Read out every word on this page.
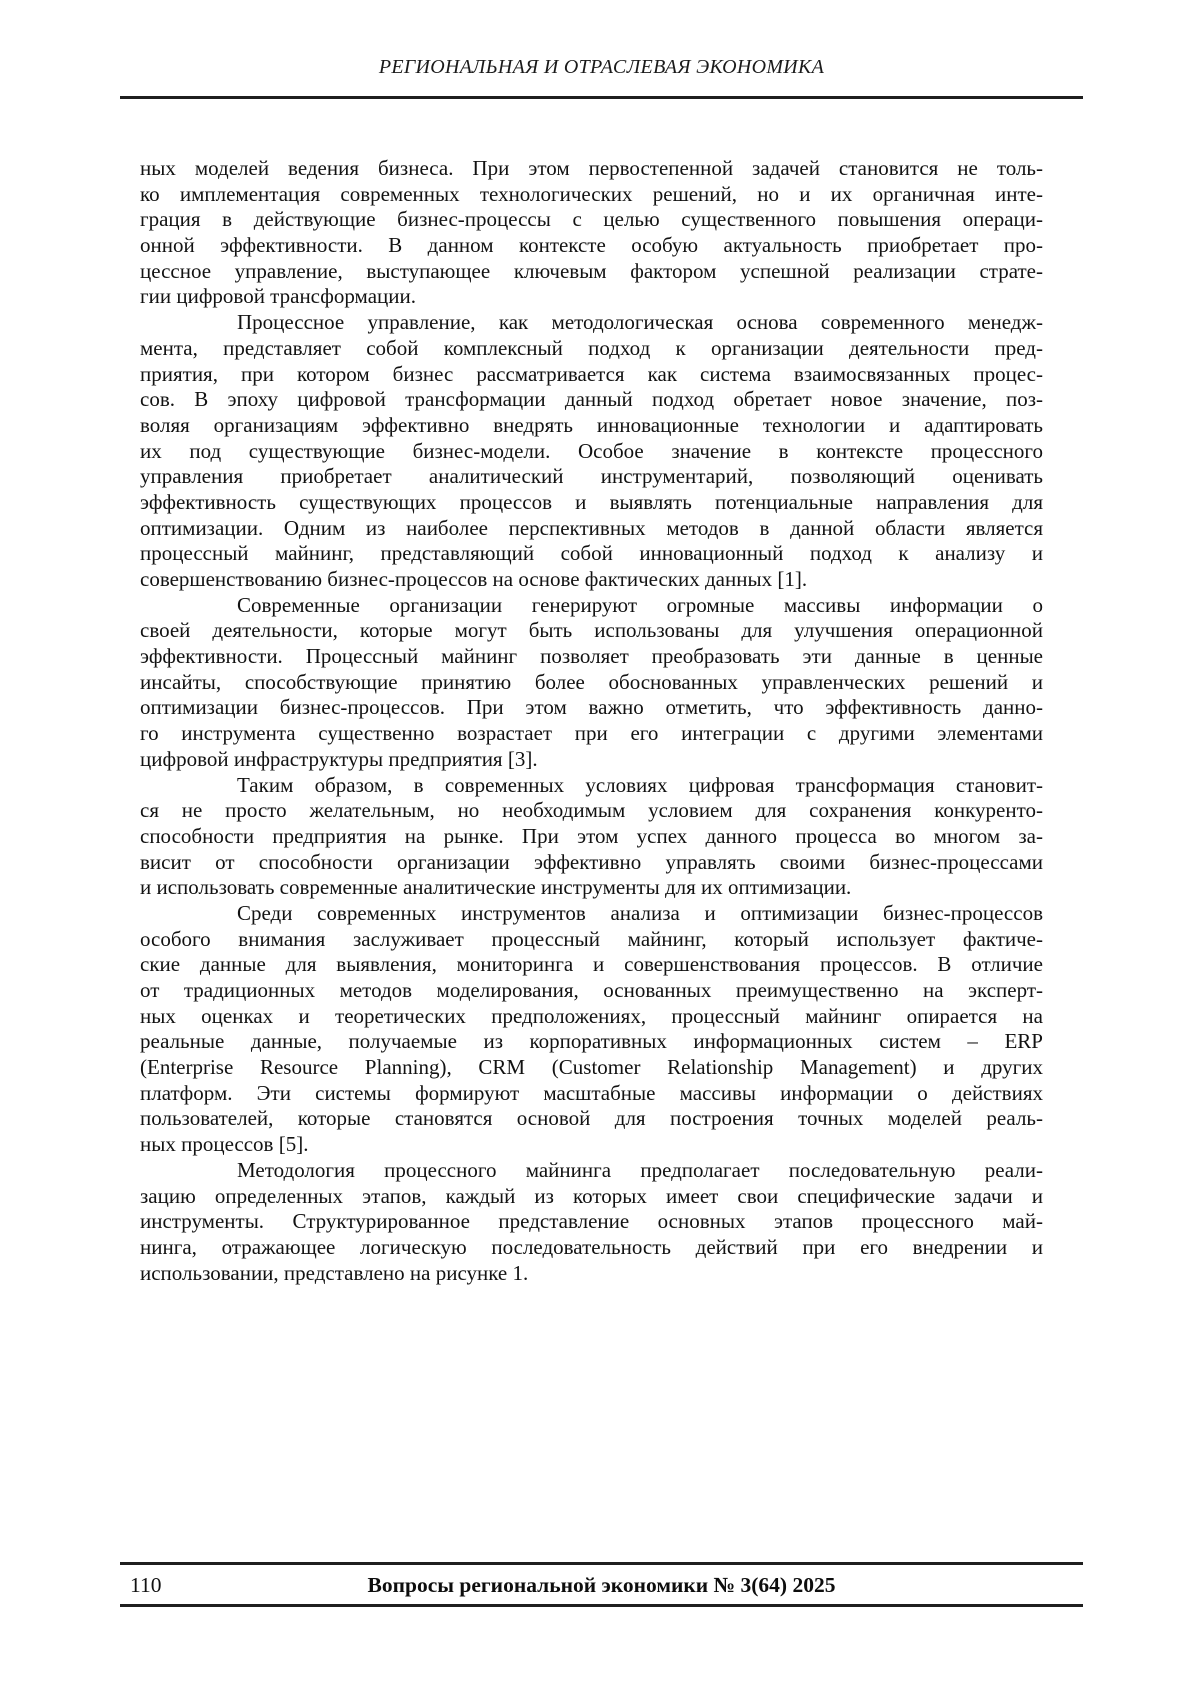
РЕГИОНАЛЬНАЯ И ОТРАСЛЕВАЯ ЭКОНОМИКА
ных моделей ведения бизнеса. При этом первостепенной задачей становится не толь-
ко имплементация современных технологических решений, но и их органичная инте-
грация в действующие бизнес-процессы с целью существенного повышения операци-
онной эффективности. В данном контексте особую актуальность приобретает про-
цессное управление, выступающее ключевым фактором успешной реализации страте-
гии цифровой трансформации.
Процессное управление, как методологическая основа современного менедж-
мента, представляет собой комплексный подход к организации деятельности пред-
приятия, при котором бизнес рассматривается как система взаимосвязанных процес-
сов. В эпоху цифровой трансформации данный подход обретает новое значение, поз-
воляя организациям эффективно внедрять инновационные технологии и адаптировать
их под существующие бизнес-модели. Особое значение в контексте процессного
управления приобретает аналитический инструментарий, позволяющий оценивать
эффективность существующих процессов и выявлять потенциальные направления для
оптимизации. Одним из наиболее перспективных методов в данной области является
процессный майнинг, представляющий собой инновационный подход к анализу и
совершенствованию бизнес-процессов на основе фактических данных [1].
Современные организации генерируют огромные массивы информации о
своей деятельности, которые могут быть использованы для улучшения операционной
эффективности. Процессный майнинг позволяет преобразовать эти данные в ценные
инсайты, способствующие принятию более обоснованных управленческих решений и
оптимизации бизнес-процессов. При этом важно отметить, что эффективность данно-
го инструмента существенно возрастает при его интеграции с другими элементами
цифровой инфраструктуры предприятия [3].
Таким образом, в современных условиях цифровая трансформация становит-
ся не просто желательным, но необходимым условием для сохранения конкуренто-
способности предприятия на рынке. При этом успех данного процесса во многом за-
висит от способности организации эффективно управлять своими бизнес-процессами
и использовать современные аналитические инструменты для их оптимизации.
Среди современных инструментов анализа и оптимизации бизнес-процессов
особого внимания заслуживает процессный майнинг, который использует фактиче-
ские данные для выявления, мониторинга и совершенствования процессов. В отличие
от традиционных методов моделирования, основанных преимущественно на эксперт-
ных оценках и теоретических предположениях, процессный майнинг опирается на
реальные данные, получаемые из корпоративных информационных систем – ERP
(Enterprise Resource Planning), CRM (Customer Relationship Management) и других
платформ. Эти системы формируют масштабные массивы информации о действиях
пользователей, которые становятся основой для построения точных моделей реаль-
ных процессов [5].
Методология процессного майнинга предполагает последовательную реали-
зацию определенных этапов, каждый из которых имеет свои специфические задачи и
инструменты. Структурированное представление основных этапов процессного май-
нинга, отражающее логическую последовательность действий при его внедрении и
использовании, представлено на рисунке 1.
110	Вопросы региональной экономики № 3(64) 2025
